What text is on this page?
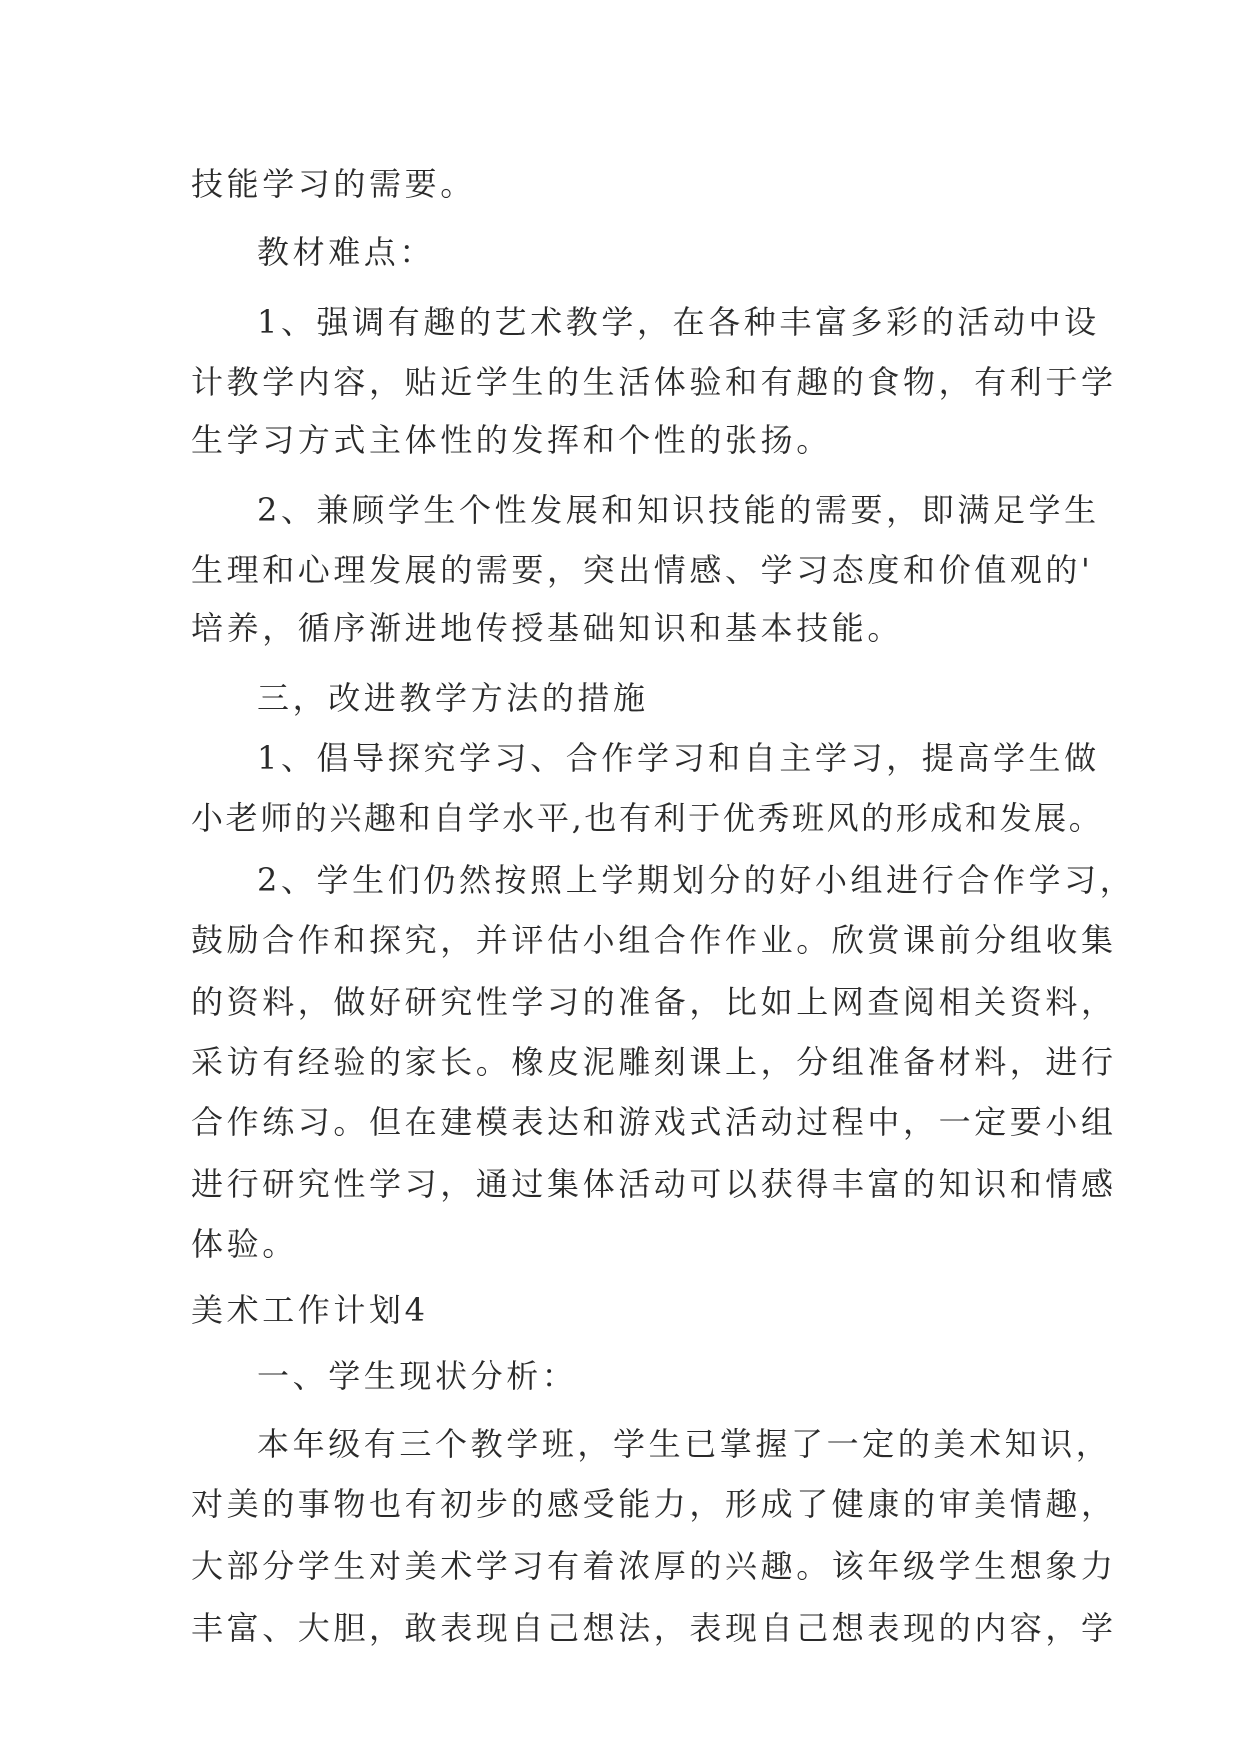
技能学习的需要。
教材难点：
1、强调有趣的艺术教学，在各种丰富多彩的活动中设
计教学内容，贴近学生的生活体验和有趣的食物，有利于学
生学习方式主体性的发挥和个性的张扬。
2、兼顾学生个性发展和知识技能的需要，即满足学生
生理和心理发展的需要，突出情感、学习态度和价值观的'
培养，循序渐进地传授基础知识和基本技能。
三，改进教学方法的措施
1、倡导探究学习、合作学习和自主学习，提高学生做
小老师的兴趣和自学水平,也有利于优秀班风的形成和发展。
2、学生们仍然按照上学期划分的好小组进行合作学习，
鼓励合作和探究，并评估小组合作作业。欣赏课前分组收集
的资料，做好研究性学习的准备，比如上网查阅相关资料，
采访有经验的家长。橡皮泥雕刻课上，分组准备材料，进行
合作练习。但在建模表达和游戏式活动过程中，一定要小组
进行研究性学习，通过集体活动可以获得丰富的知识和情感
体验。
美术工作计划4
一、学生现状分析：
本年级有三个教学班，学生已掌握了一定的美术知识，
对美的事物也有初步的感受能力，形成了健康的审美情趣，
大部分学生对美术学习有着浓厚的兴趣。该年级学生想象力
丰富、大胆，敢表现自己想法，表现自己想表现的内容，学
